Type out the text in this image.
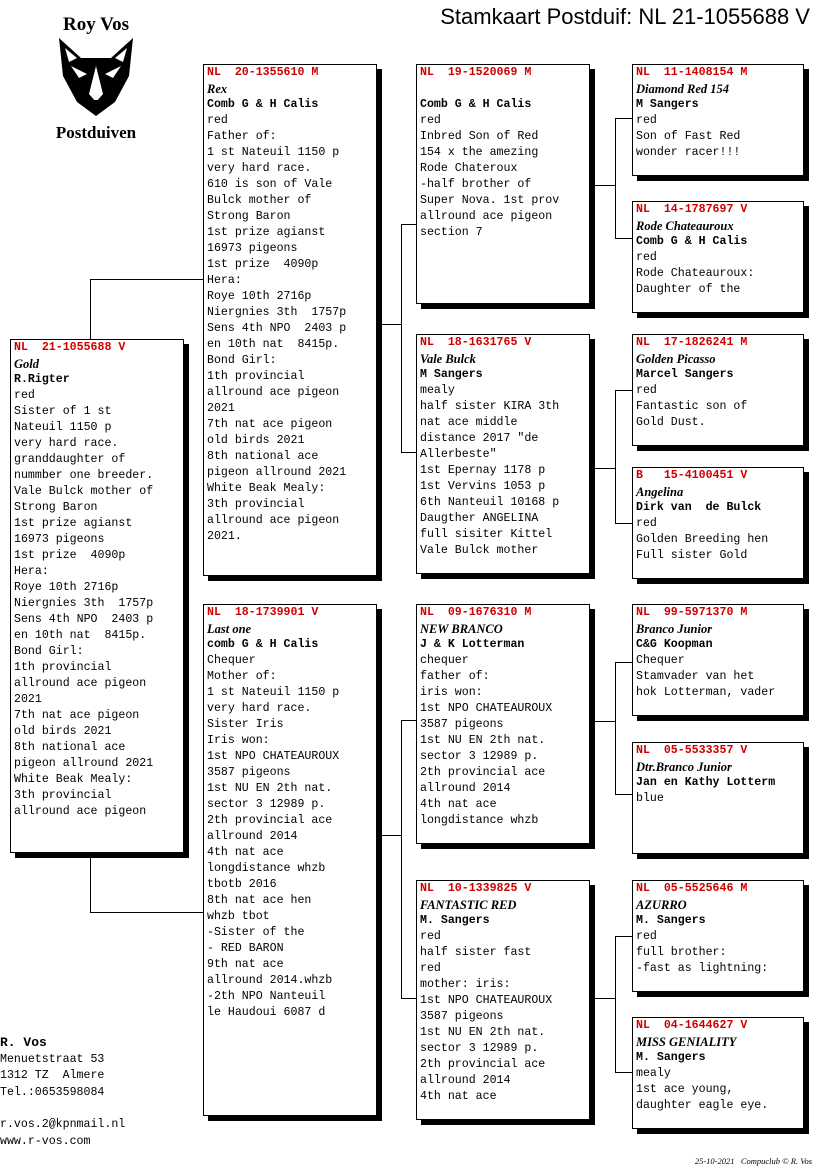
Stamkaart Postduif: NL 21-1055688 V
Roy Vos
Postduiven
NL  21-1055688 V
Gold
R.Rigter
red
Sister of 1 st
Nateuil 1150 p
very hard race.
granddaughter of
nummber one breeder.
Vale Bulck mother of
Strong Baron
1st prize agianst
16973 pigeons
1st prize  4090p
Hera:
Roye 10th 2716p
Niergnies 3th  1757p
Sens 4th NPO  2403 p
en 10th nat  8415p.
Bond Girl:
1th provincial
allround ace pigeon
2021
7th nat ace pigeon
old birds 2021
8th national ace
pigeon allround 2021
White Beak Mealy:
3th provincial
allround ace pigeon
NL  20-1355610 M
Rex
Comb G & H Calis
red
Father of:
1 st Nateuil 1150 p
very hard race.
610 is son of Vale
Bulck mother of
Strong Baron
1st prize agianst
16973 pigeons
1st prize  4090p
Hera:
Roye 10th 2716p
Niergnies 3th  1757p
Sens 4th NPO  2403 p
en 10th nat  8415p.
Bond Girl:
1th provincial
allround ace pigeon
2021
7th nat ace pigeon
old birds 2021
8th national ace
pigeon allround 2021
White Beak Mealy:
3th provincial
allround ace pigeon
2021.
NL  18-1739901 V
Last one
comb G & H Calis
Chequer
Mother of:
1 st Nateuil 1150 p
very hard race.
Sister Iris
Iris won:
1st NPO CHATEAUROUX
3587 pigeons
1st NU EN 2th nat.
sector 3 12989 p.
2th provincial ace
allround 2014
4th nat ace
longdistance whzb
tbotb 2016
8th nat ace hen
whzb tbot
-Sister of the
- RED BARON
9th nat ace
allround 2014.whzb
-2th NPO Nanteuil
le Haudoui 6087 d
NL  19-1520069 M
Comb G & H Calis
red
Inbred Son of Red
154 x the amezing
Rode Chateroux
-half brother of
Super Nova. 1st prov
allround ace pigeon
section 7
NL  18-1631765 V
Vale Bulck
M Sangers
mealy
half sister KIRA 3th
nat ace middle
distance 2017 "de
Allerbeste"
1st Epernay 1178 p
1st Vervins 1053 p
6th Nanteuil 10168 p
Daugther ANGELINA
full sisiter Kittel
Vale Bulck mother
NL  09-1676310 M
NEW BRANCO
J & K Lotterman
chequer
father of:
iris won:
1st NPO CHATEAUROUX
3587 pigeons
1st NU EN 2th nat.
sector 3 12989 p.
2th provincial ace
allround 2014
4th nat ace
longdistance whzb
NL  10-1339825 V
FANTASTIC RED
M. Sangers
red
half sister fast
red
mother: iris:
1st NPO CHATEAUROUX
3587 pigeons
1st NU EN 2th nat.
sector 3 12989 p.
2th provincial ace
allround 2014
4th nat ace
NL  11-1408154 M
Diamond Red 154
M Sangers
red
Son of Fast Red
wonder racer!!!
NL  14-1787697 V
Rode Chateauroux
Comb G & H Calis
red
Rode Chateauroux:
Daughter of the
NL  17-1826241 M
Golden Picasso
Marcel Sangers
red
Fantastic son of
Gold Dust.
B   15-4100451 V
Angelina
Dirk van  de Bulck
red
Golden Breeding hen
Full sister Gold
NL  99-5971370 M
Branco Junior
C&G Koopman
Chequer
Stamvader van het
hok Lotterman, vader
NL  05-5533357 V
Dtr.Branco Junior
Jan en Kathy Lotterm
blue
NL  05-5525646 M
AZURRO
M. Sangers
red
full brother:
-fast as lightning:
NL  04-1644627 V
MISS GENIALITY
M. Sangers
mealy
1st ace young,
daughter eagle eye.
R. Vos
Menuetstraat 53
1312 TZ  Almere
Tel.:0653598084
r.vos.2@kpnmail.nl
www.r-vos.com
25-10-2021   Compuclub © R. Vos
